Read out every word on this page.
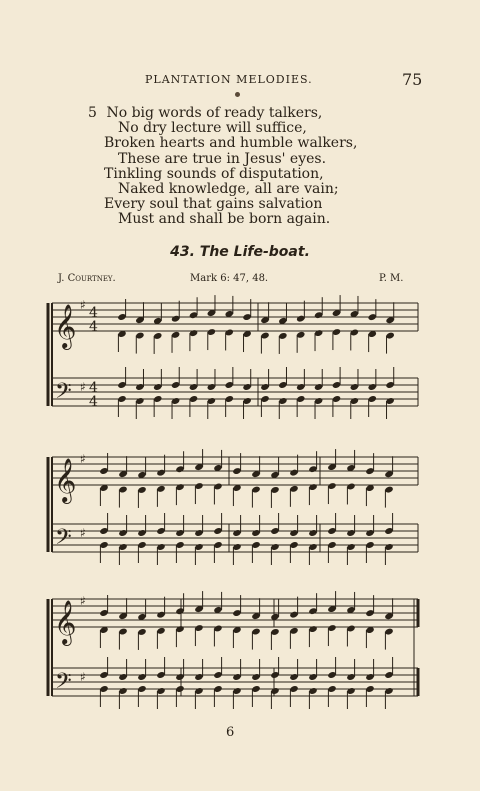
PLANTATION MELODIES.	75
5 No big words of ready talkers,
No dry lecture will suffice,
Broken hearts and humble walkers,
These are true in Jesus' eyes.
Tinkling sounds of disputation,
Naked knowledge, all are vain;
Every soul that gains salvation
Must and shall be born again.
43. The Life-boat.
J. Courtney.	Mark 6: 47, 48.	P. M.
𝄞
𝄢
♯
♯
4
4
4
4
𝄞
𝄢
♯
♯
𝄞
𝄢
♯
♯
6
